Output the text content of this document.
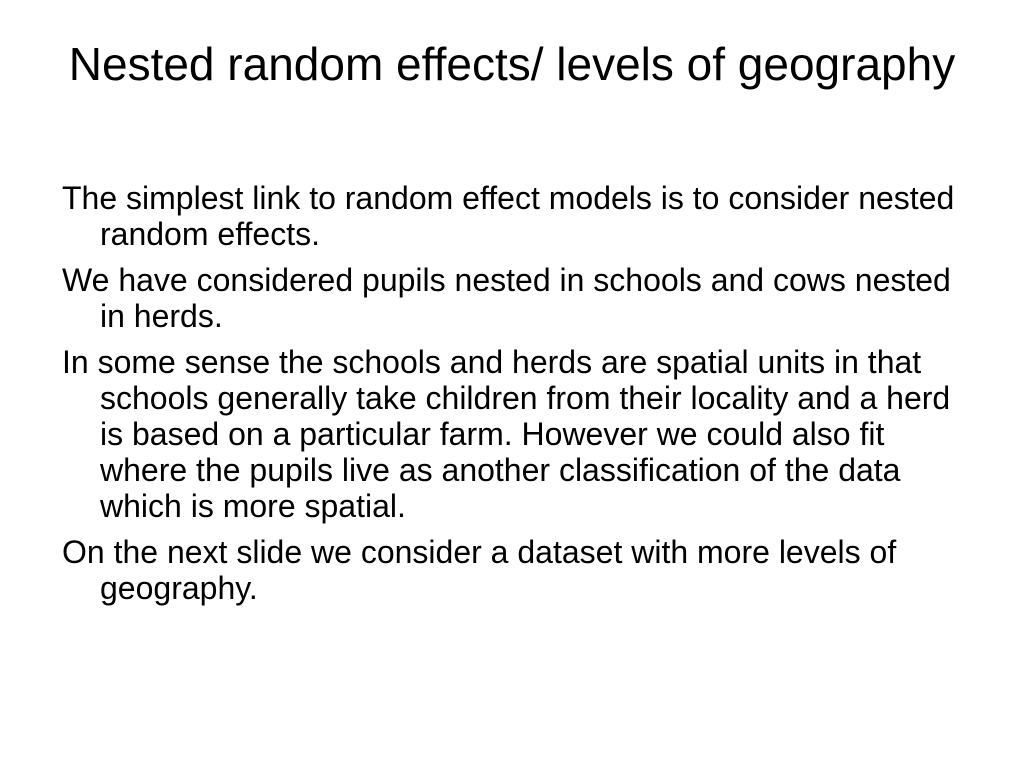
Nested random effects/ levels of geography
The simplest link to random effect models is to consider nested random effects.
We have considered pupils nested in schools and cows nested in herds.
In some sense the schools and herds are spatial units in that schools generally take children from their locality and a herd is based on a particular farm. However we could also fit where the pupils live as another classification of the data which is more spatial.
On the next slide we consider a dataset with more levels of geography.
